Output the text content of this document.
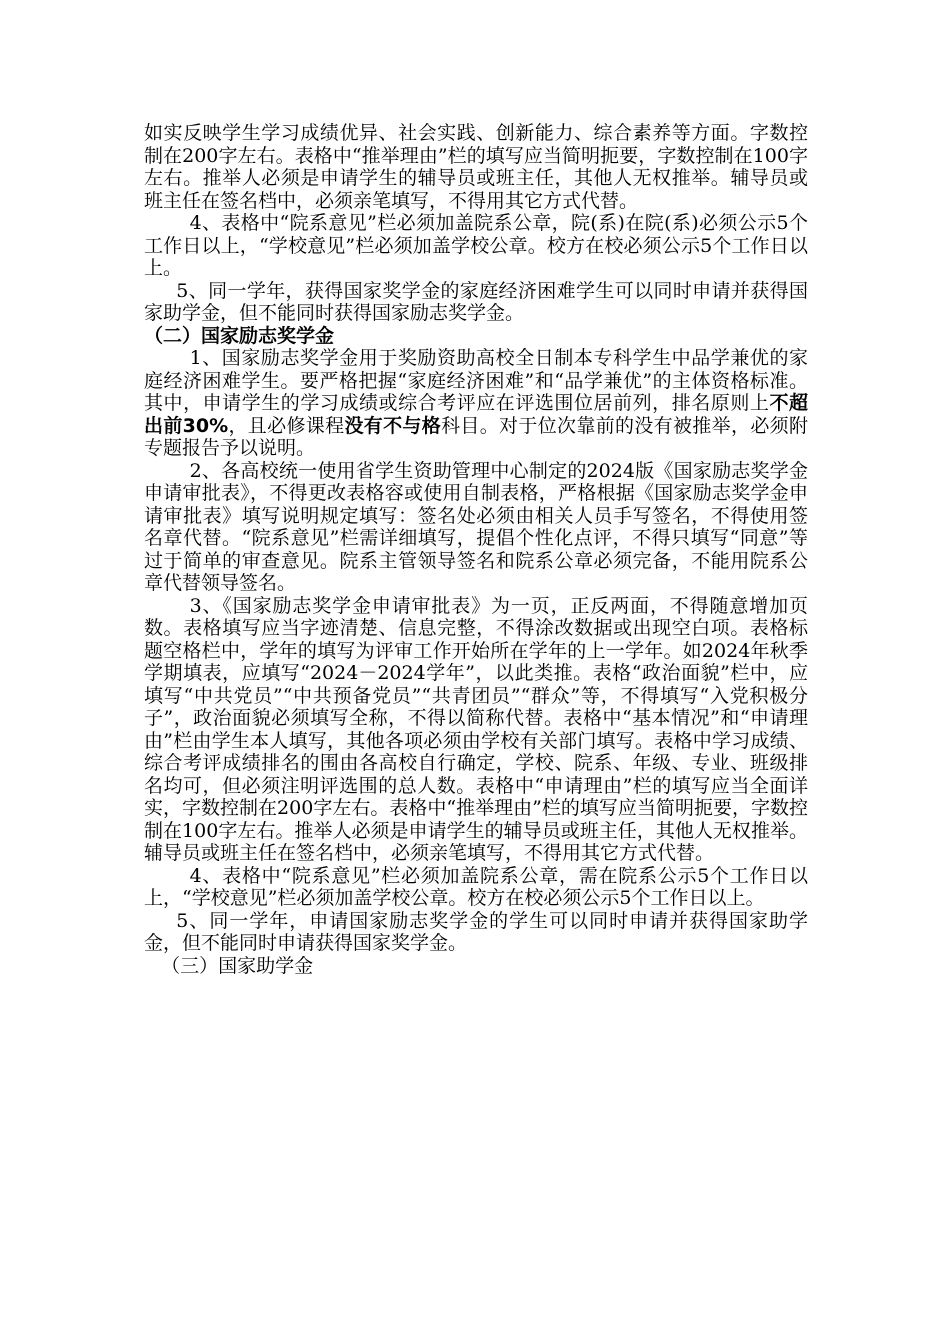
如实反映学生学习成绩优异、社会实践、创新能力、综合素养等方面。字数控制在200字左右。表格中“推举理由”栏的填写应当简明扼要，字数控制在100字左右。推举人必须是申请学生的辅导员或班主任，其他人无权推举。辅导员或班主任在签名档中，必须亲笔填写，不得用其它方式代替。

4、表格中“院系意见”栏必须加盖院系公章，院(系)在院(系)必须公示5个工作日以上，“学校意见”栏必须加盖学校公章。校方在校必须公示5个工作日以上。

5、同一学年，获得国家奖学金的家庭经济困难学生可以同时申请并获得国家助学金，但不能同时获得国家励志奖学金。

（二）国家励志奖学金

1、国家励志奖学金用于奖励资助高校全日制本专科学生中品学兼优的家庭经济困难学生。要严格把握“家庭经济困难”和“品学兼优”的主体资格标准。其中，申请学生的学习成绩或综合考评应在评选围位居前列，排名原则上不超出前30%，且必修课程没有不与格科目。对于位次靠前的没有被推举，必须附专题报告予以说明。

2、各高校统一使用省学生资助管理中心制定的2024版《国家励志奖学金申请审批表》，不得更改表格容或使用自制表格，严格根据《国家励志奖学金申请审批表》填写说明规定填写：签名处必须由相关人员手写签名，不得使用签名章代替。“院系意见”栏需详细填写，提倡个性化点评，不得只填写“同意”等过于简单的审查意见。院系主管领导签名和院系公章必须完备，不能用院系公章代替领导签名。

3、《国家励志奖学金申请审批表》为一页，正反两面，不得随意增加页数。表格填写应当字迹清楚、信息完整，不得涂改数据或出现空白项。表格标题空格栏中，学年的填写为评审工作开始所在学年的上一学年。如2024年秋季学期填表，应填写“2024－2024学年”，以此类推。表格“政治面貌”栏中，应填写“中共党员”“中共预备党员”“共青团员”“群众”等，不得填写“入党积极分子”，政治面貌必须填写全称，不得以简称代替。表格中“基本情况”和“申请理由”栏由学生本人填写，其他各项必须由学校有关部门填写。表格中学习成绩、综合考评成绩排名的围由各高校自行确定，学校、院系、年级、专业、班级排名均可，但必须注明评选围的总人数。表格中“申请理由”栏的填写应当全面详实，字数控制在200字左右。表格中“推举理由”栏的填写应当简明扼要，字数控制在100字左右。推举人必须是申请学生的辅导员或班主任，其他人无权推举。辅导员或班主任在签名档中，必须亲笔填写，不得用其它方式代替。

4、表格中“院系意见”栏必须加盖院系公章，需在院系公示5个工作日以上，“学校意见”栏必须加盖学校公章。校方在校必须公示5个工作日以上。

5、同一学年，申请国家励志奖学金的学生可以同时申请并获得国家助学金，但不能同时申请获得国家奖学金。

（三）国家助学金
